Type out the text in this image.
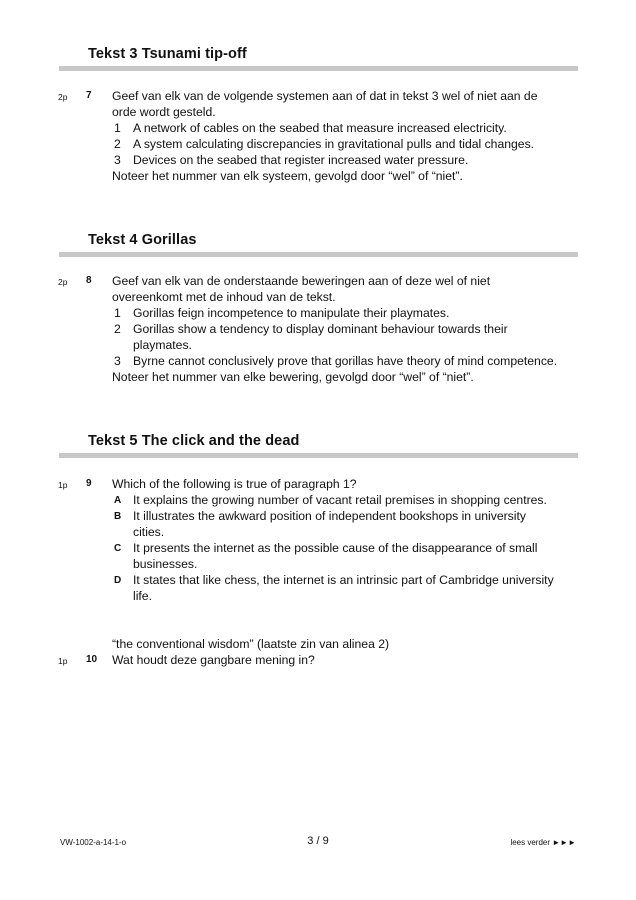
Tekst 3 Tsunami tip-off
2p	7 Geef van elk van de volgende systemen aan of dat in tekst 3 wel of niet aan de orde wordt gesteld.
1 A network of cables on the seabed that measure increased electricity.
2 A system calculating discrepancies in gravitational pulls and tidal changes.
3 Devices on the seabed that register increased water pressure.
Noteer het nummer van elk systeem, gevolgd door “wel” of “niet”.
Tekst 4 Gorillas
2p	8 Geef van elk van de onderstaande beweringen aan of deze wel of niet overeenkomt met de inhoud van de tekst.
1 Gorillas feign incompetence to manipulate their playmates.
2 Gorillas show a tendency to display dominant behaviour towards their playmates.
3 Byrne cannot conclusively prove that gorillas have theory of mind competence.
Noteer het nummer van elke bewering, gevolgd door “wel” of “niet”.
Tekst 5 The click and the dead
1p	9 Which of the following is true of paragraph 1?
A It explains the growing number of vacant retail premises in shopping centres.
B It illustrates the awkward position of independent bookshops in university cities.
C It presents the internet as the possible cause of the disappearance of small businesses.
D It states that like chess, the internet is an intrinsic part of Cambridge university life.
“the conventional wisdom” (laatste zin van alinea 2)
1p	10 Wat houdt deze gangbare mening in?
VW-1002-a-14-1-o	3 / 9	lees verder ►►►
